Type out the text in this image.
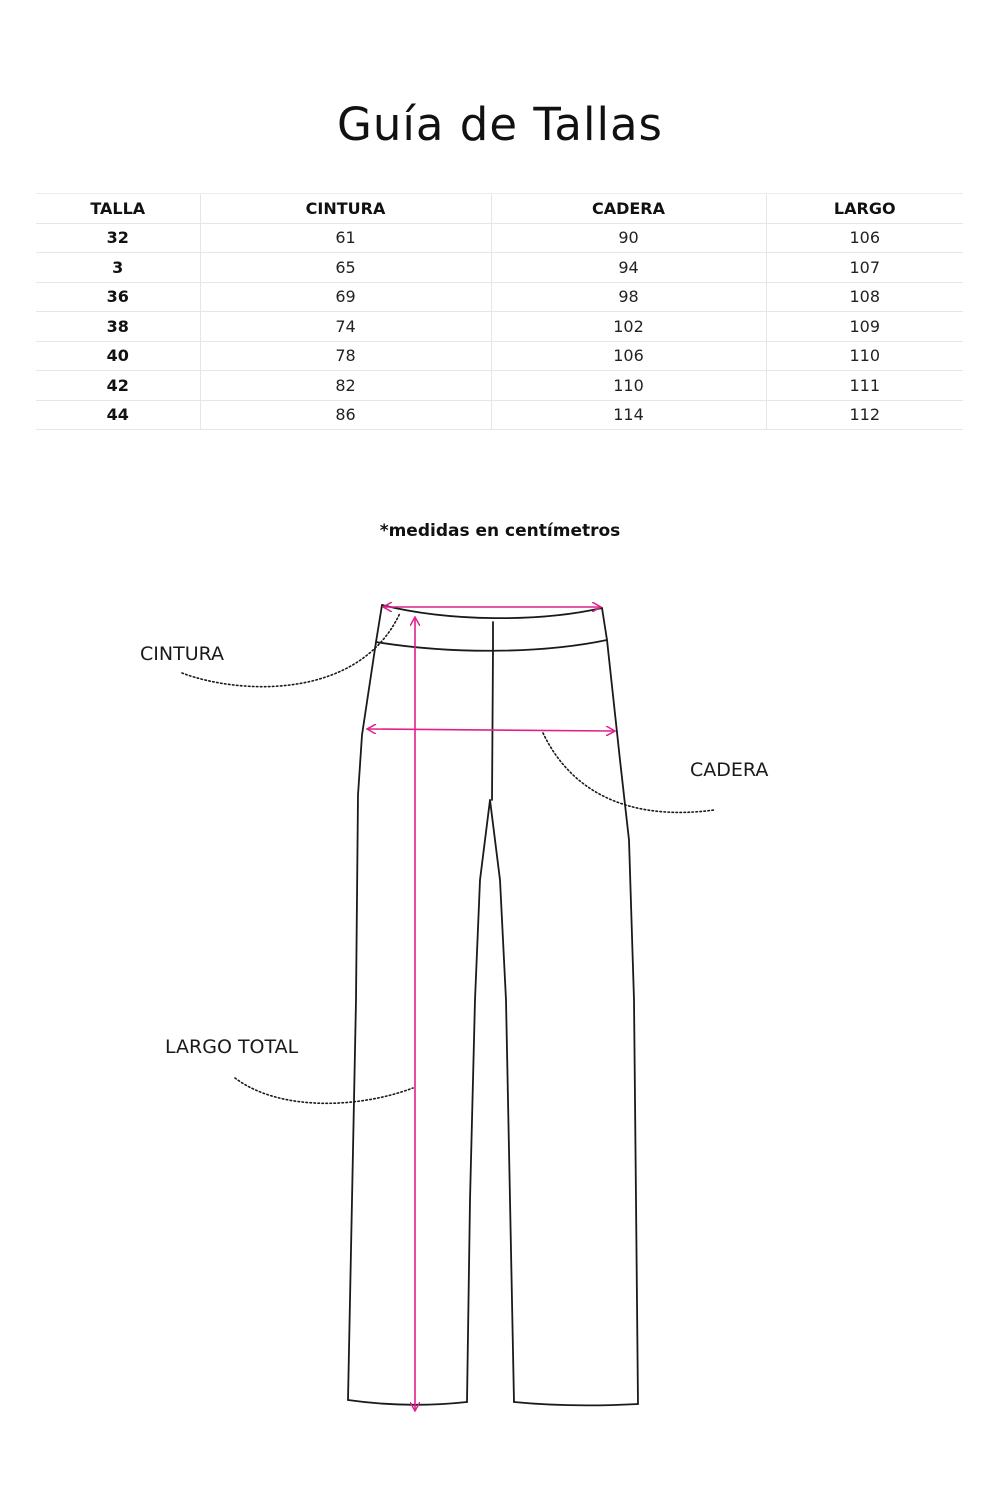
Guía de Tallas
TALLA	CINTURA	CADERA	LARGO
32	61	90	106
3	65	94	107
36	69	98	108
38	74	102	109
40	78	106	110
42	82	110	111
44	86	114	112
*medidas en centímetros
CINTURA
CADERA
LARGO TOTAL
